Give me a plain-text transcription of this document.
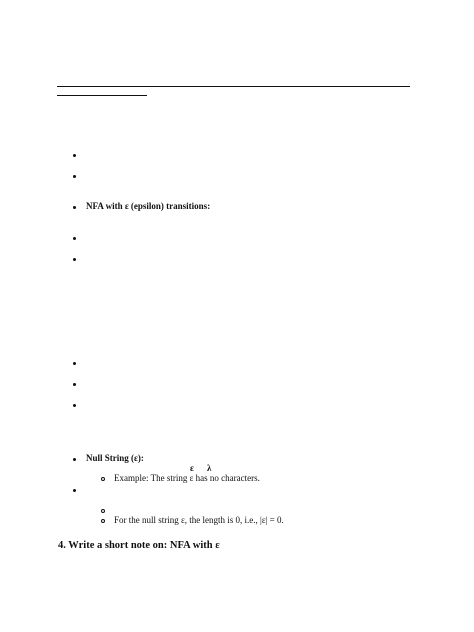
NFA with ε (epsilon) transitions:
Null String (ε):
ε λ
Example: The string ε has no characters.
For the null string ε, the length is 0, i.e., |ε| = 0.
4. Write a short note on: NFA with ε
